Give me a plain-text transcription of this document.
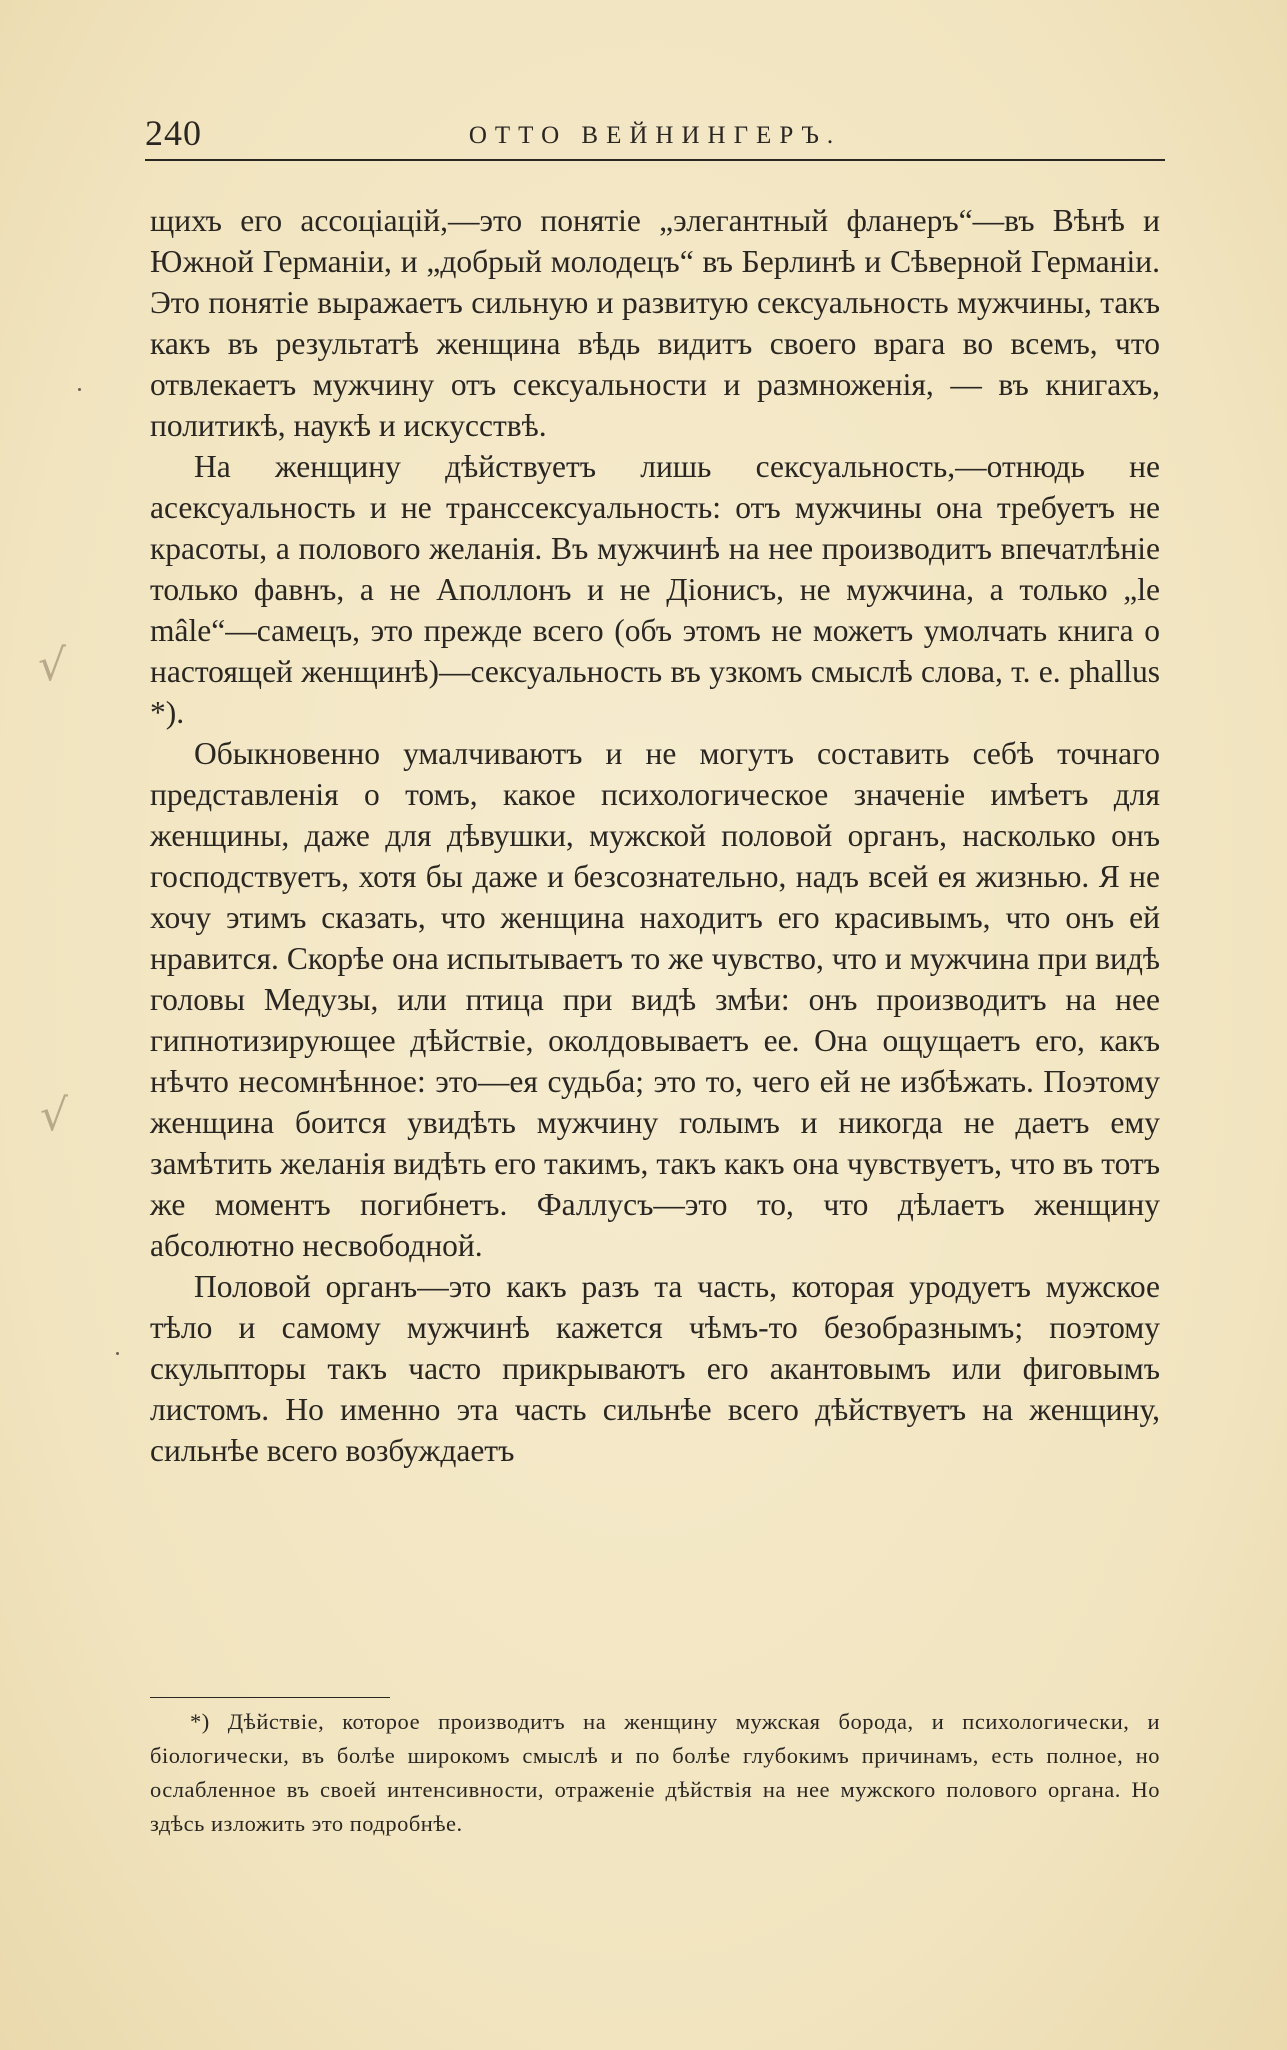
240	ОТТО ВЕЙНИНГЕРЪ.

щихъ его ассоціацій,—это понятіе „элегантный фланеръ“—въ Вѣнѣ и Южной Германіи, и „добрый молодецъ“ въ Берлинѣ и Сѣверной Германіи. Это понятіе выражаетъ сильную и развитую сексуальность мужчины, такъ какъ въ результатѣ женщина вѣдь видитъ своего врага во всемъ, что отвлекаетъ мужчину отъ сексуальности и размноженія, — въ книгахъ, политикѣ, наукѣ и искусствѣ.

На женщину дѣйствуетъ лишь сексуальность,—отнюдь не асексуальность и не транссексуальность: отъ мужчины она требуетъ не красоты, а полового желанія. Въ мужчинѣ на нее производитъ впечатлѣніе только фавнъ, а не Аполлонъ и не Діонисъ, не мужчина, а только „le mâle“—самецъ, это прежде всего (объ этомъ не можетъ умолчать книга о настоящей женщинѣ)—сексуальность въ узкомъ смыслѣ слова, т. е. phallus *).

Обыкновенно умалчиваютъ и не могутъ составить себѣ точнаго представленія о томъ, какое психологическое значеніе имѣетъ для женщины, даже для дѣвушки, мужской половой органъ, насколько онъ господствуетъ, хотя бы даже и безсознательно, надъ всей ея жизнью. Я не хочу этимъ сказать, что женщина находитъ его красивымъ, что онъ ей нравится. Скорѣе она испытываетъ то же чувство, что и мужчина при видѣ головы Медузы, или птица при видѣ змѣи: онъ производитъ на нее гипнотизирующее дѣйствіе, околдовываетъ ее. Она ощущаетъ его, какъ нѣчто несомнѣнное: это—ея судьба; это то, чего ей не избѣжать. Поэтому женщина боится увидѣть мужчину голымъ и никогда не даетъ ему замѣтить желанія видѣть его такимъ, такъ какъ она чувствуетъ, что въ тотъ же моментъ погибнетъ. Фаллусъ—это то, что дѣлаетъ женщину абсолютно несвободной.

Половой органъ—это какъ разъ та часть, которая уродуетъ мужское тѣло и самому мужчинѣ кажется чѣмъ-то безобразнымъ; поэтому скульпторы такъ часто прикрываютъ его акантовымъ или фиговымъ листомъ. Но именно эта часть сильнѣе всего дѣйствуетъ на женщину, сильнѣе всего возбуждаетъ

*) Дѣйствіе, которое производитъ на женщину мужская борода, и психологически, и біологически, въ болѣе широкомъ смыслѣ и по болѣе глубокимъ причинамъ, есть полное, но ослабленное въ своей интенсивности, отраженіе дѣйствія на нее мужского полового органа. Но здѣсь изложить это подробнѣе.

√
√
